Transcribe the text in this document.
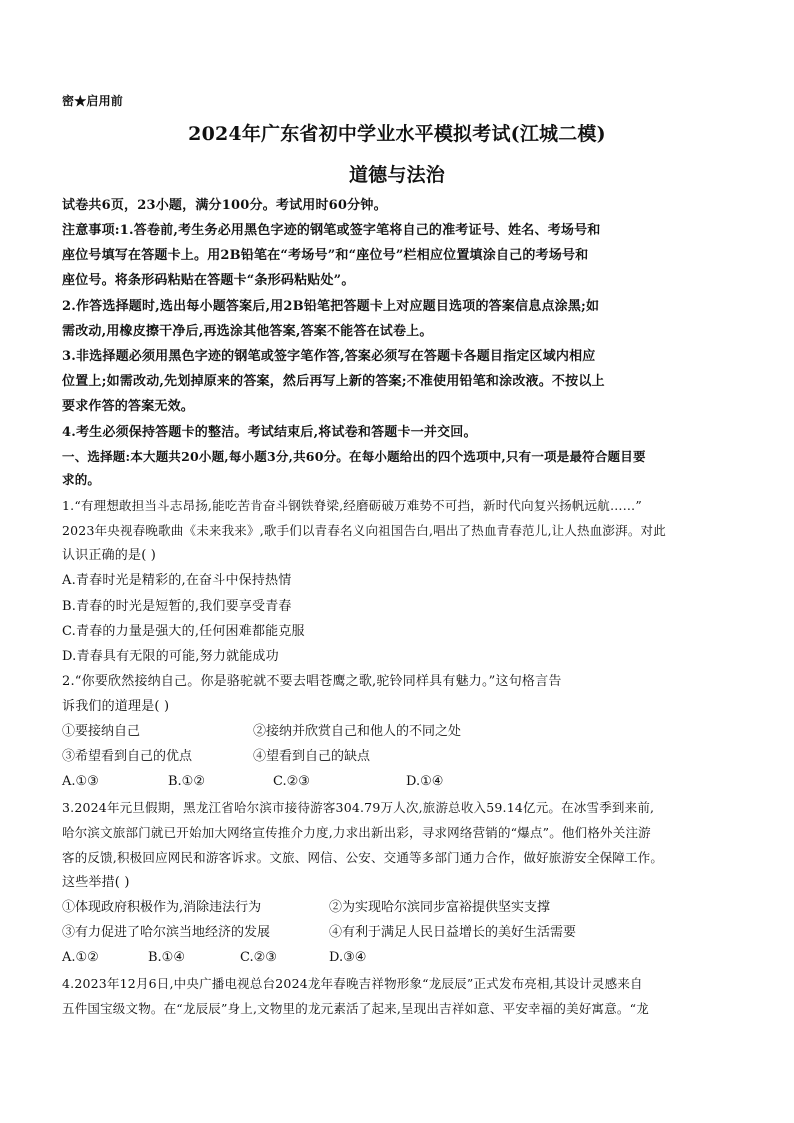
密★启用前
2024年广东省初中学业水平模拟考试(江城二模)
道德与法治
试卷共6页，23小题，满分100分。考试用时60分钟。
注意事项:1.答卷前,考生务必用黑色字迹的钢笔或签字笔将自己的准考证号、姓名、考场号和
座位号填写在答题卡上。用2B铅笔在“考场号”和“座位号”栏相应位置填涂自己的考场号和
座位号。将条形码粘贴在答题卡“条形码粘贴处”。
2.作答选择题时,选出每小题答案后,用2B铅笔把答题卡上对应题目选项的答案信息点涂黑;如
需改动,用橡皮擦干净后,再选涂其他答案,答案不能答在试卷上。
3.非选择题必须用黑色字迹的钢笔或签字笔作答,答案必须写在答题卡各题目指定区域内相应
位置上;如需改动,先划掉原来的答案，然后再写上新的答案;不准使用铅笔和涂改液。不按以上
要求作答的答案无效。
4.考生必须保持答题卡的整洁。考试结束后,将试卷和答题卡一并交回。
一、选择题:本大题共20小题,每小题3分,共60分。在每小题给出的四个选项中,只有一项是最符合题目要
求的。
1.“有理想敢担当斗志昂扬,能吃苦肯奋斗钢铁脊梁,经磨砺破万难势不可挡，新时代向复兴扬帆远航……”
2023年央视春晚歌曲《未来我来》,歌手们以青春名义向祖国告白,唱出了热血青春范儿,让人热血澎湃。对此
认识正确的是( )
A.青春时光是精彩的,在奋斗中保持热情
B.青春的时光是短暂的,我们要享受青春
C.青春的力量是强大的,任何困难都能克服
D.青春具有无限的可能,努力就能成功
2.“你要欣然接纳自己。你是骆驼就不要去唱苍鹰之歌,驼铃同样具有魅力。”这句格言告
诉我们的道理是( )
①要接纳自己	②接纳并欣赏自己和他人的不同之处
③希望看到自己的优点	④望看到自己的缺点
A.①③	B.①②	C.②③	D.①④
3.2024年元旦假期，黑龙江省哈尔滨市接待游客304.79万人次,旅游总收入59.14亿元。在冰雪季到来前,
哈尔滨文旅部门就已开始加大网络宣传推介力度,力求出新出彩，寻求网络营销的“爆点”。他们格外关注游
客的反馈,积极回应网民和游客诉求。文旅、网信、公安、交通等多部门通力合作，做好旅游安全保障工作。
这些举措( )
①体现政府积极作为,消除违法行为	②为实现哈尔滨同步富裕提供坚实支撑
③有力促进了哈尔滨当地经济的发展	④有利于满足人民日益增长的美好生活需要
A.①②	B.①④	C.②③	D.③④
4.2023年12月6日,中央广播电视总台2024龙年春晚吉祥物形象“龙辰辰”正式发布亮相,其设计灵感来自
五件国宝级文物。在“龙辰辰”身上,文物里的龙元素活了起来,呈现出吉祥如意、平安幸福的美好寓意。“龙
